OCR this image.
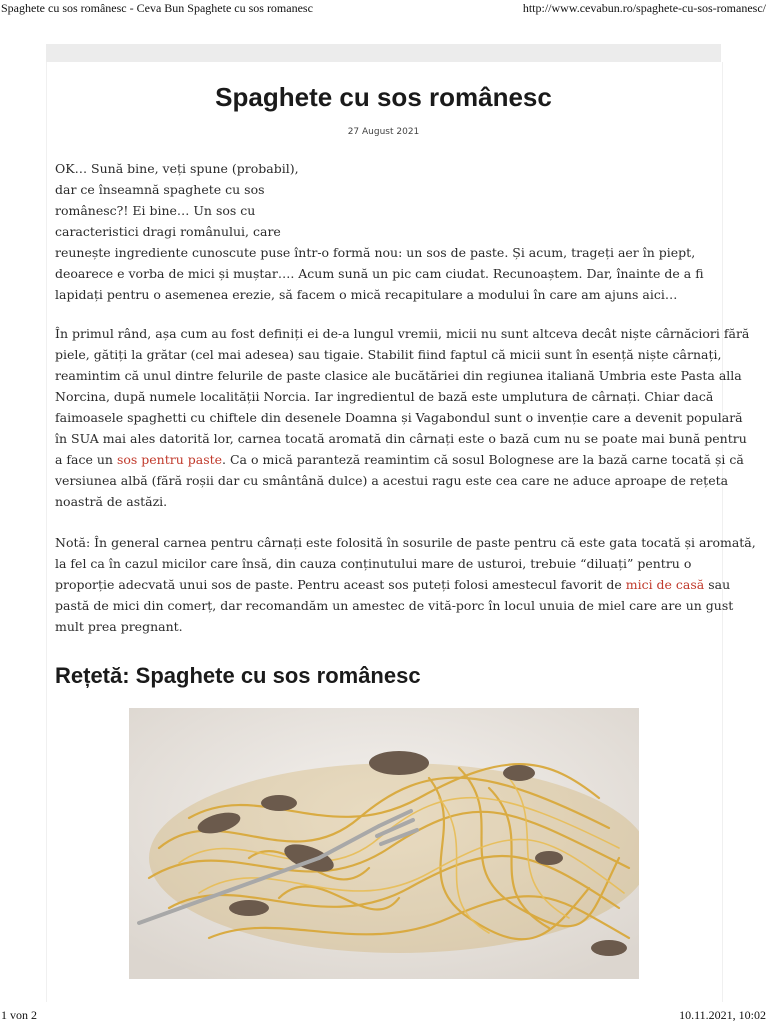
Spaghete cu sos românesc - Ceva Bun Spaghete cu sos romanesc	http://www.cevabun.ro/spaghete-cu-sos-romanesc/
Spaghete cu sos românesc
27 August 2021

OK… Sună bine, veți spune (probabil),
dar ce înseamnă spaghete cu sos
românesc?! Ei bine… Un sos cu
caracteristici dragi românului, care
reunește ingrediente cunoscute puse într-o formă nou: un sos de paste. Și acum, trageți aer în piept,
deoarece e vorba de mici și muștar…. Acum sună un pic cam ciudat. Recunoaștem. Dar, înainte de a fi
lapidați pentru o asemenea erezie, să facem o mică recapitulare a modului în care am ajuns aici…

În primul rând, așa cum au fost definiți ei de-a lungul vremii, micii nu sunt altceva decât niște cârnăciori fără
piele, gătiți la grătar (cel mai adesea) sau tigaie. Stabilit fiind faptul că micii sunt în esență niște cârnați,
reamintim că unul dintre felurile de paste clasice ale bucătăriei din regiunea italiană Umbria este Pasta alla
Norcina, după numele localității Norcia. Iar ingredientul de bază este umplutura de cârnați. Chiar dacă
faimoasele spaghetti cu chiftele din desenele Doamna și Vagabondul sunt o invenție care a devenit populară
în SUA mai ales datorită lor, carnea tocată aromată din cârnați este o bază cum nu se poate mai bună pentru
a face un sos pentru paste. Ca o mică paranteză reamintim că sosul Bolognese are la bază carne tocată și că
versiunea albă (fără roșii dar cu smântână dulce) a acestui ragu este cea care ne aduce aproape de rețeta
noastră de astăzi.

Notă: În general carnea pentru cârnați este folosită în sosurile de paste pentru că este gata tocată și aromată,
la fel ca în cazul micilor care însă, din cauza conținutului mare de usturoi, trebuie “diluați” pentru o
proporție adecvată unui sos de paste. Pentru aceast sos puteți folosi amestecul favorit de mici de casă sau
pastă de mici din comerț, dar recomandăm un amestec de vită-porc în locul unuia de miel care are un gust
mult prea pregnant.

Rețetă: Spaghete cu sos românesc
1 von 2	10.11.2021, 10:02
